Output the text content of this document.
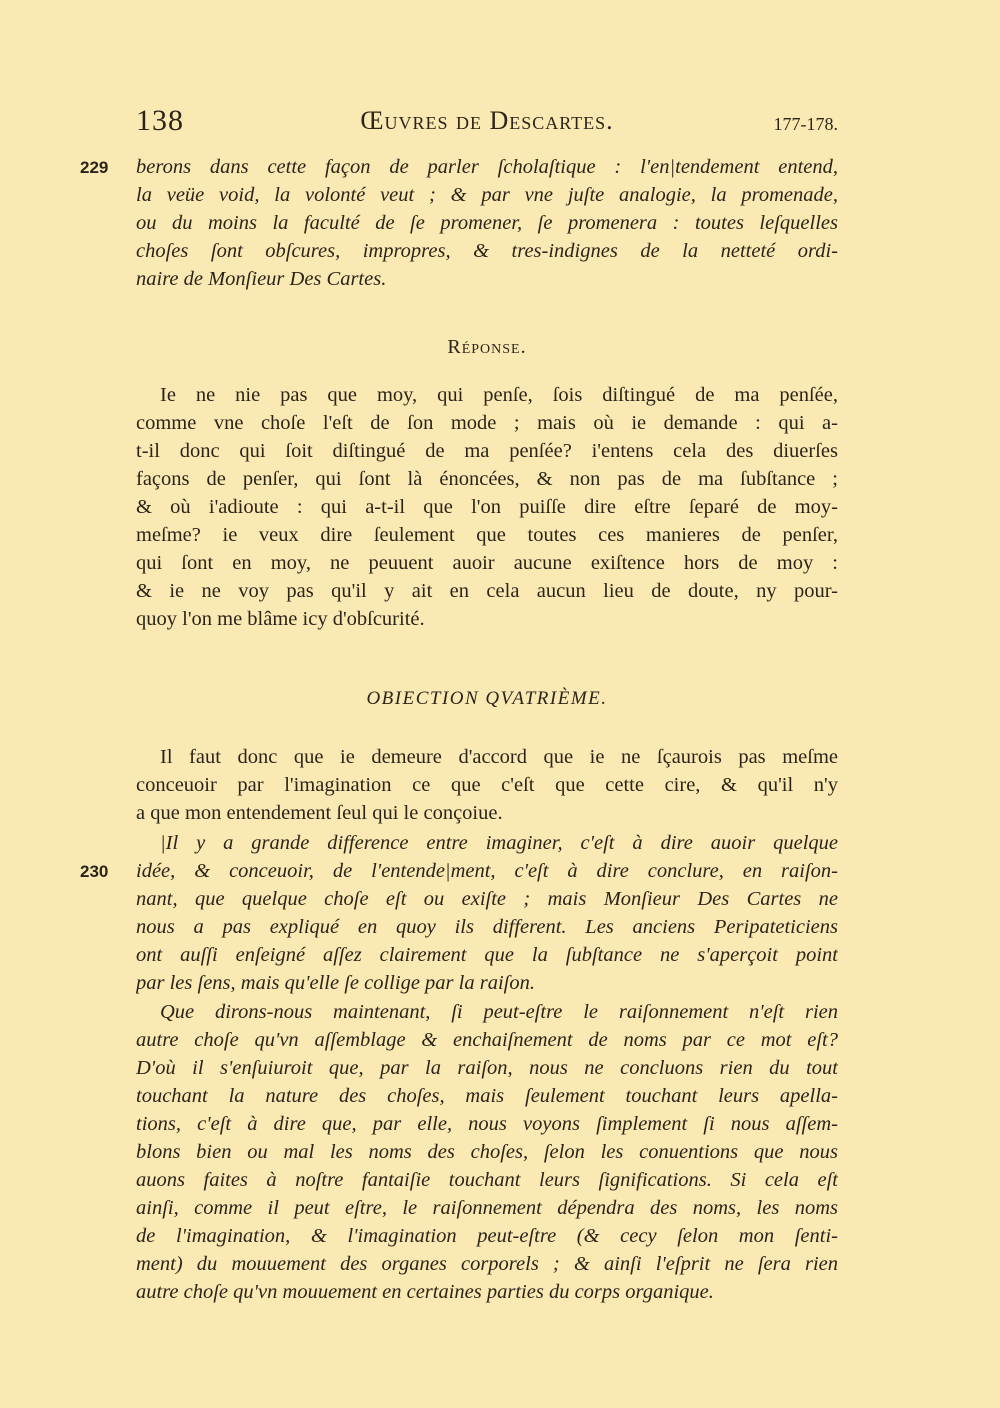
138	Œuvres de Descartes.	177-178.
229 berons dans cette façon de parler ſcholaſtique : l'en|tendement entend,
la veüe void, la volonté veut ; & par vne juſte analogie, la promenade,
ou du moins la faculté de ſe promener, ſe promenera : toutes leſquelles
choſes ſont obſcures, impropres, & tres-indignes de la netteté ordi-
naire de Monſieur Des Cartes.
Réponse.
Ie ne nie pas que moy, qui penſe, ſois diſtingué de ma penſée,
comme vne choſe l'eſt de ſon mode ; mais où ie demande : qui a-
t-il donc qui ſoit diſtingué de ma penſée? i'entens cela des diuerſes
façons de penſer, qui ſont là énoncées, & non pas de ma ſubſtance ;
& où i'adioute : qui a-t-il que l'on puiſſe dire eſtre ſeparé de moy-
meſme? ie veux dire ſeulement que toutes ces manieres de penſer,
qui ſont en moy, ne peuuent auoir aucune exiſtence hors de moy :
& ie ne voy pas qu'il y ait en cela aucun lieu de doute, ny pour-
quoy l'on me blâme icy d'obſcurité.
OBIECTION QVATRIÈME.
Il faut donc que ie demeure d'accord que ie ne ſçaurois pas meſme
conceuoir par l'imagination ce que c'eſt que cette cire, & qu'il n'y
a que mon entendement ſeul qui le conçoiue.
230
|Il y a grande difference entre imaginer, c'eſt à dire auoir quelque
idée, & conceuoir, de l'entende|ment, c'eſt à dire conclure, en raiſon-
nant, que quelque choſe eſt ou exiſte ; mais Monſieur Des Cartes ne
nous a pas expliqué en quoy ils different. Les anciens Peripateticiens
ont auſſi enſeigné aſſez clairement que la ſubſtance ne s'aperçoit point
par les ſens, mais qu'elle ſe collige par la raiſon.
Que dirons-nous maintenant, ſi peut-eſtre le raiſonnement n'eſt rien
autre choſe qu'vn aſſemblage & enchaiſnement de noms par ce mot eſt?
D'où il s'enſuiuroit que, par la raiſon, nous ne concluons rien du tout
touchant la nature des choſes, mais ſeulement touchant leurs apella-
tions, c'eſt à dire que, par elle, nous voyons ſimplement ſi nous aſſem-
blons bien ou mal les noms des choſes, ſelon les conuentions que nous
auons faites à noſtre fantaiſie touchant leurs ſignifications. Si cela eſt
ainſi, comme il peut eſtre, le raiſonnement dépendra des noms, les noms
de l'imagination, & l'imagination peut-eſtre (& cecy ſelon mon ſenti-
ment) du mouuement des organes corporels ; & ainſi l'eſprit ne ſera rien
autre choſe qu'vn mouuement en certaines parties du corps organique.
